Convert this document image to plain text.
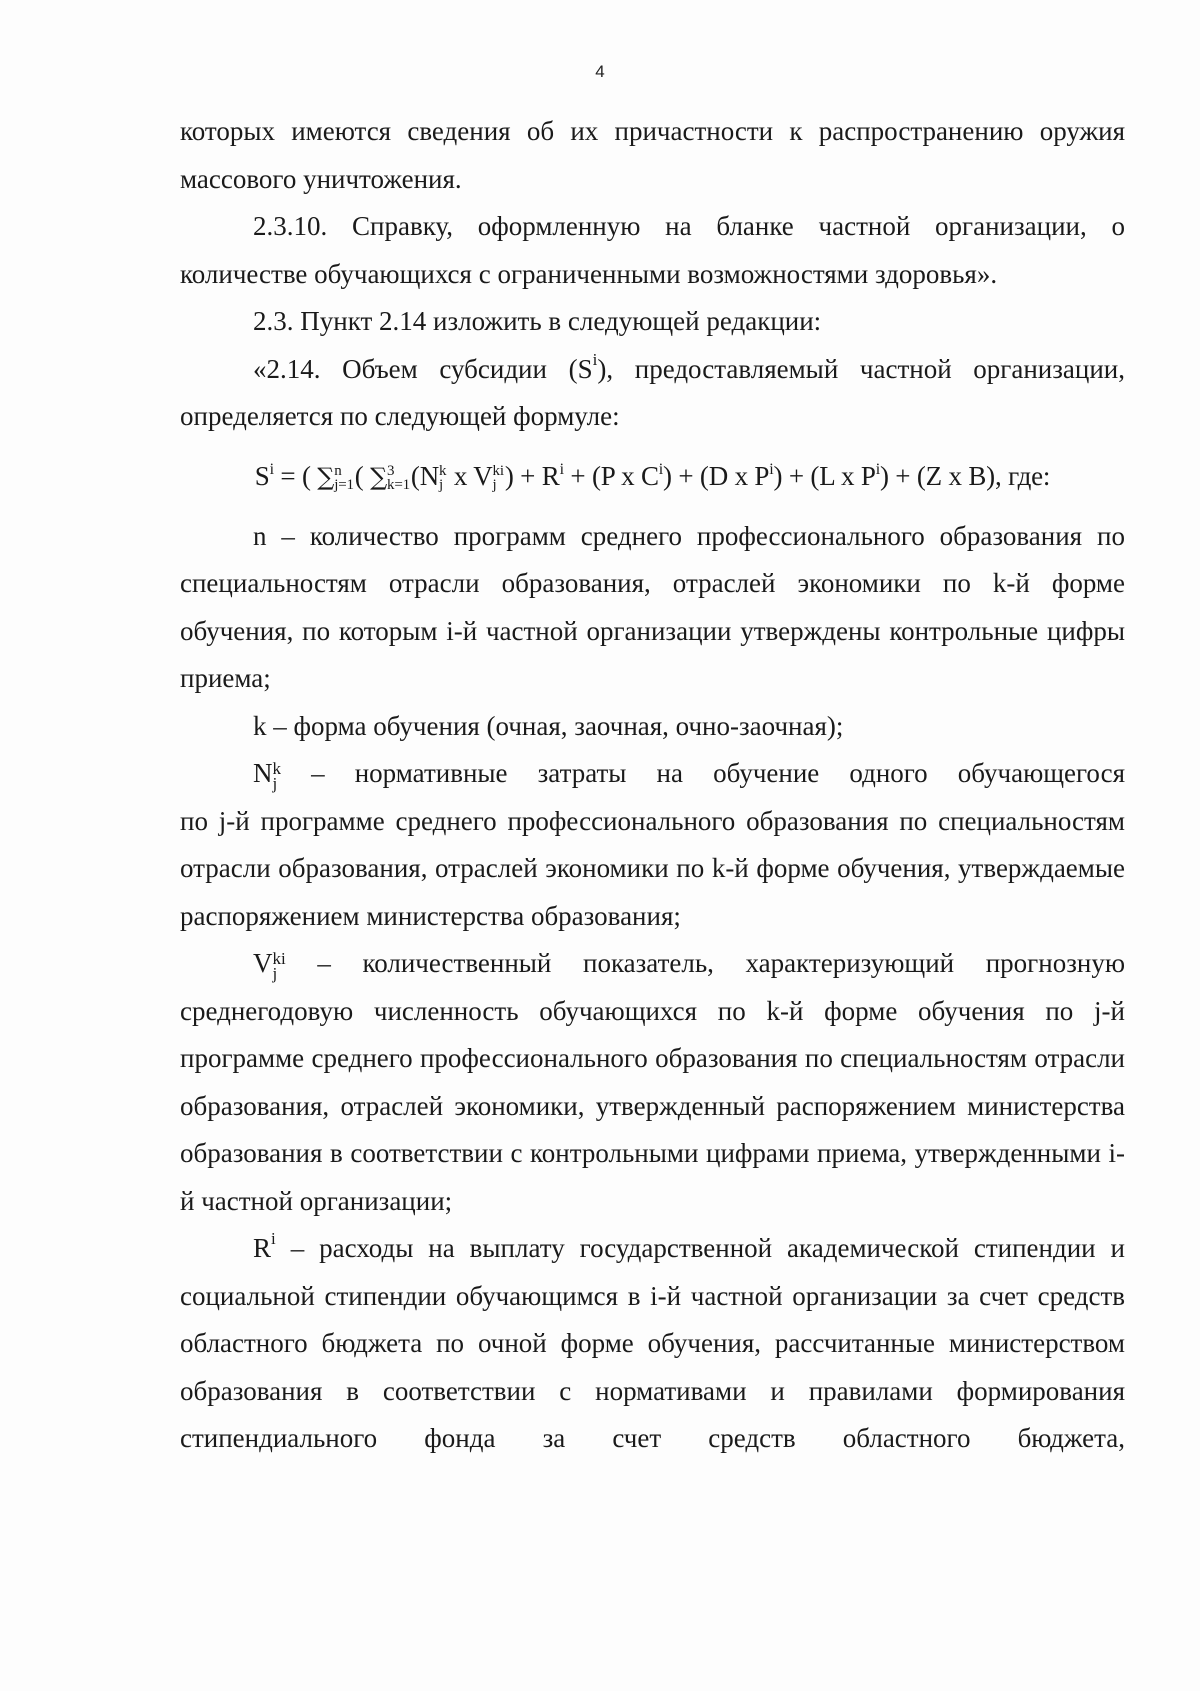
4

которых имеются сведения об их причастности к распространению оружия массового уничтожения.

2.3.10. Справку, оформленную на бланке частной организации, о количестве обучающихся с ограниченными возможностями здоровья».

2.3. Пункт 2.14 изложить в следующей редакции:

«2.14. Объем субсидии $(S^i)$, предоставляемый частной организации, определяется по следующей формуле:

$S^i$ = ( ∑ n
j=1 ( ∑ 3
k=1 (N k
j x V ki
j ) + $R^i + (P$ x $C^i) + (D$ x $P^i) + (L$ x $P^i) + (Z$ x B), где:

n – количество программ среднего профессионального образования по специальностям отрасли образования, отраслей экономики по k-й форме обучения, по которым i-й частной организации утверждены контрольные цифры приема;

k – форма обучения (очная, заочная, очно-заочная);

N k
j – нормативные затраты на обучение одного обучающегося

по j-й программе среднего профессионального образования по специальностям отрасли образования, отраслей экономики по k-й форме обучения, утверждаемые распоряжением министерства образования;

V ki
j – количественный показатель, характеризующий прогнозную среднегодовую численность обучающихся по k-й форме обучения по j-й программе среднего профессионального образования по специальностям отрасли образования, отраслей экономики, утвержденный распоряжением министерства образования в соответствии с контрольными цифрами приема, утвержденными i-й частной организации;

$R^i$ – расходы на выплату государственной академической стипендии и социальной стипендии обучающимся в i-й частной организации за счет средств областного бюджета по очной форме обучения, рассчитанные министерством образования в соответствии с нормативами и правилами формирования стипендиального фонда за счет средств областного бюджета,
